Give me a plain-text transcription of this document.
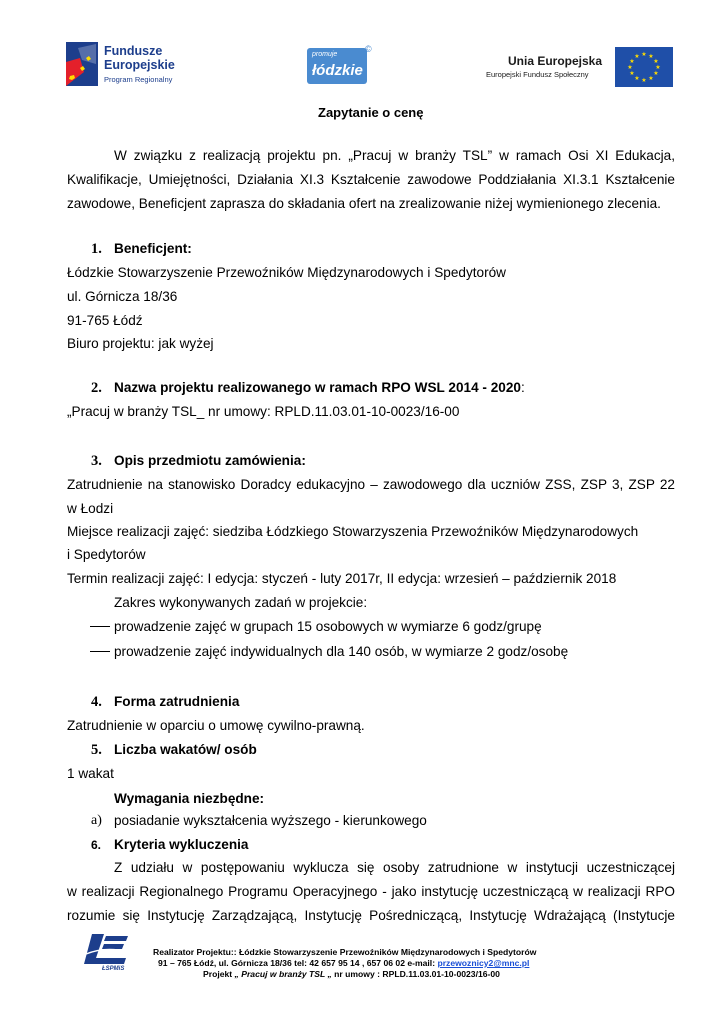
Fundusze
Europejskie
Program Regionalny
promuje
łódzkie
©
Unia Europejska
Europejski Fundusz Społeczny
★ ★
★
★
★
★
★
★
★
★
★
★
Zapytanie o cenę
W związku z realizacją projektu pn. „Pracuj w branży TSL” w ramach Osi XI Edukacja,
Kwalifikacje, Umiejętności, Działania XI.3 Kształcenie zawodowe Poddziałania XI.3.1 Kształcenie
zawodowe, Beneficjent zaprasza do składania ofert na zrealizowanie niżej wymienionego zlecenia.
1. Beneficjent:
Łódzkie Stowarzyszenie Przewoźników Międzynarodowych i Spedytorów
ul. Górnicza 18/36
91-765 Łódź
Biuro projektu: jak wyżej
2. Nazwa projektu realizowanego w ramach RPO WSL 2014 - 2020:
„Pracuj w branży TSL_ nr umowy: RPLD.11.03.01-10-0023/16-00
3. Opis przedmiotu zamówienia:
Zatrudnienie na stanowisko Doradcy edukacyjno – zawodowego dla uczniów ZSS, ZSP 3, ZSP 22
w Łodzi
Miejsce realizacji zajęć: siedziba Łódzkiego Stowarzyszenia Przewoźników Międzynarodowych
i Spedytorów
Termin realizacji zajęć: I edycja: styczeń - luty 2017r, II edycja: wrzesień – październik 2018
Zakres wykonywanych zadań w projekcie:
prowadzenie zajęć w grupach 15 osobowych w wymiarze 6 godz/grupę
prowadzenie zajęć indywidualnych dla 140 osób, w wymiarze 2 godz/osobę
4. Forma zatrudnienia
Zatrudnienie w oparciu o umowę cywilno-prawną.
5. Liczba wakatów/ osób
1 wakat
Wymagania niezbędne:
a) posiadanie wykształcenia wyższego - kierunkowego
6. Kryteria wykluczenia
Z udziału w postępowaniu wyklucza się osoby zatrudnione w instytucji uczestniczącej
w realizacji Regionalnego Programu Operacyjnego - jako instytucję uczestniczącą w realizacji RPO
rozumie się Instytucję Zarządzającą, Instytucję Pośredniczącą, Instytucję Wdrażającą (Instytucje
ŁSPMiS
Realizator Projektu:: Łódzkie Stowarzyszenie Przewoźników Międzynarodowych i Spedytorów
91 – 765 Łódź, ul. Górnicza 18/36 tel: 42 657 95 14 , 657 06 02 e-mail: przewoznicy2@mnc.pl
Projekt „ Pracuj w branży TSL „ nr umowy : RPLD.11.03.01-10-0023/16-00
